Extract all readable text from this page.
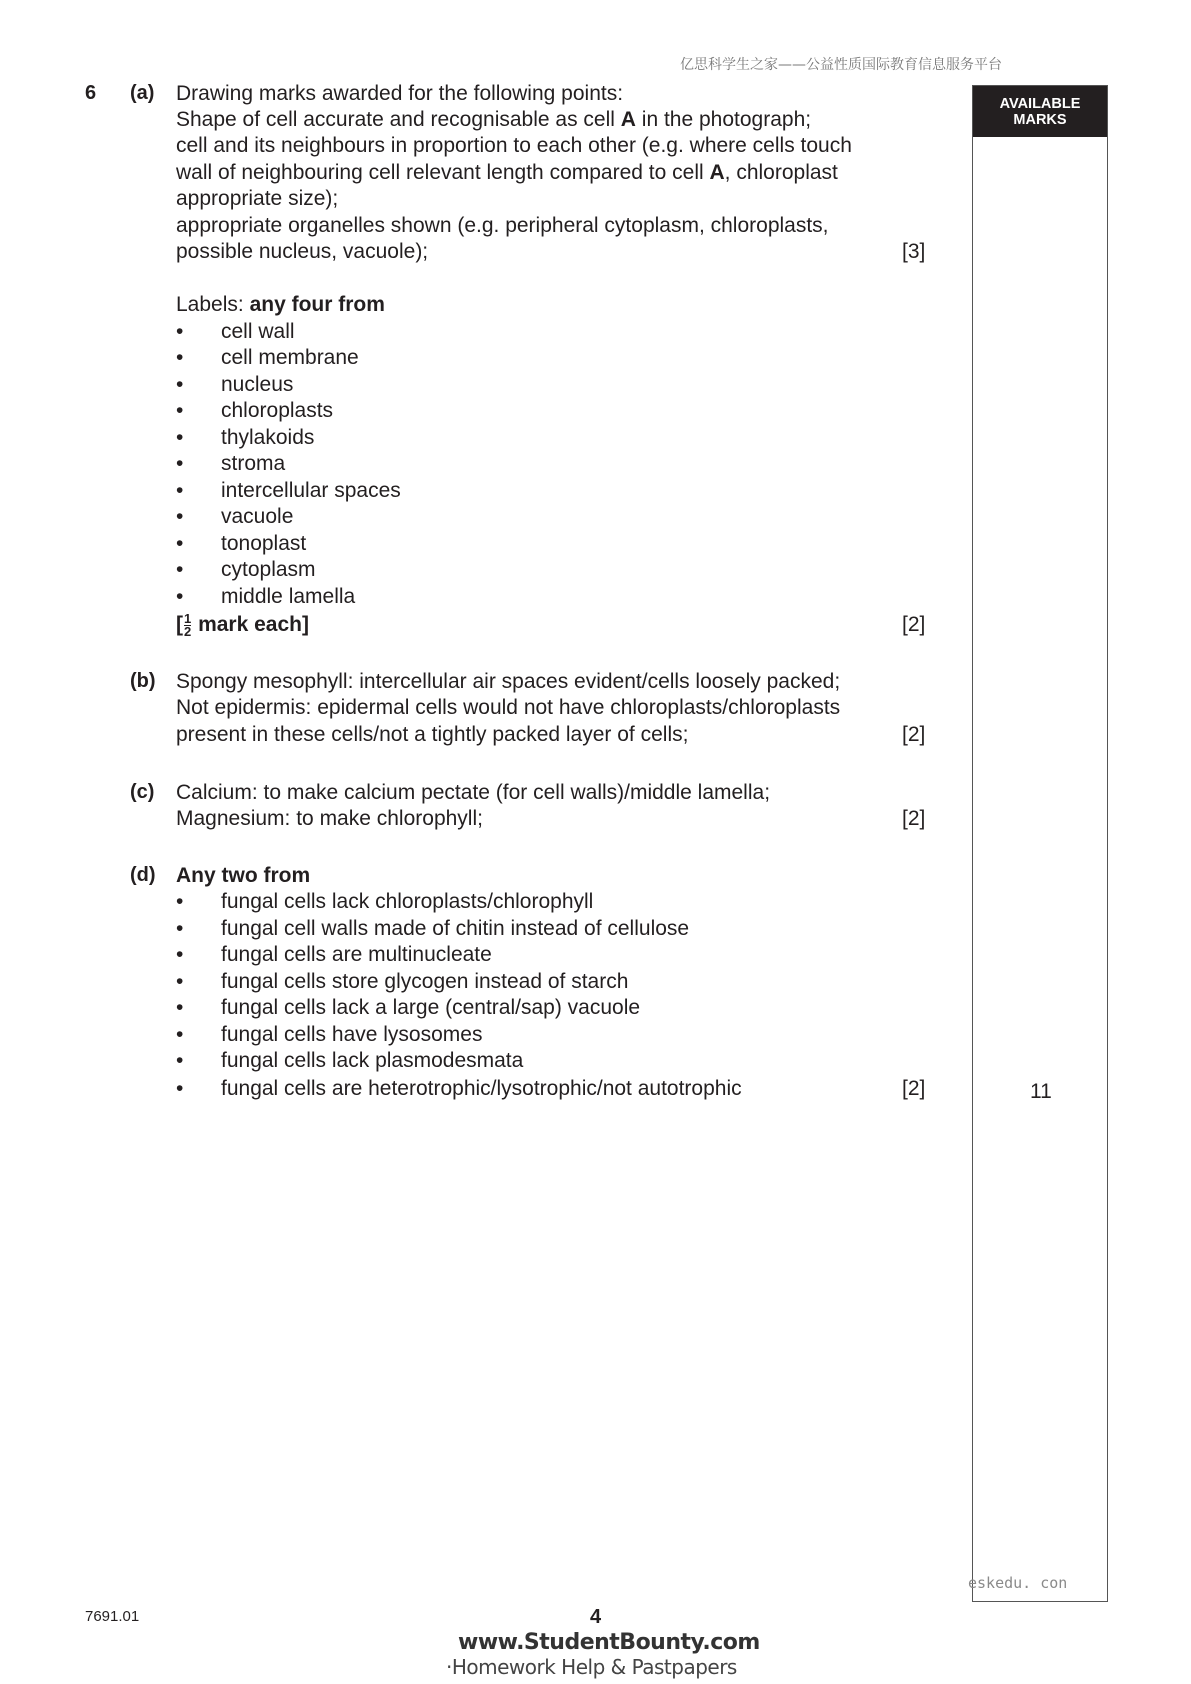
亿思科学生之家——公益性质国际教育信息服务平台
AVAILABLE
MARKS
11
6 (a) Drawing marks awarded for the following points:
Shape of cell accurate and recognisable as cell A in the photograph;
cell and its neighbours in proportion to each other (e.g. where cells touch
wall of neighbouring cell relevant length compared to cell A, chloroplast
appropriate size);
appropriate organelles shown (e.g. peripheral cytoplasm, chloroplasts,
possible nucleus, vacuole);	[3]
Labels: any four from
• cell wall
• cell membrane
• nucleus
• chloroplasts
• thylakoids
• stroma
• intercellular spaces
• vacuole
• tonoplast
• cytoplasm
• middle lamella
[ $\frac{1}{2}$ mark each]	[2]
(b) Spongy mesophyll: intercellular air spaces evident/cells loosely packed;
Not epidermis: epidermal cells would not have chloroplasts/chloroplasts
present in these cells/not a tightly packed layer of cells;	[2]
(c) Calcium: to make calcium pectate (for cell walls)/middle lamella;
Magnesium: to make chlorophyll;	[2]
(d) Any two from
• fungal cells lack chloroplasts/chlorophyll
• fungal cell walls made of chitin instead of cellulose
• fungal cells are multinucleate
• fungal cells store glycogen instead of starch
• fungal cells lack a large (central/sap) vacuole
• fungal cells have lysosomes
• fungal cells lack plasmodesmata
• fungal cells are heterotrophic/lysotrophic/not autotrophic	[2]
eskedu. con
7691.01	4
www.StudentBounty.com
·Homework Help & Pastpapers
